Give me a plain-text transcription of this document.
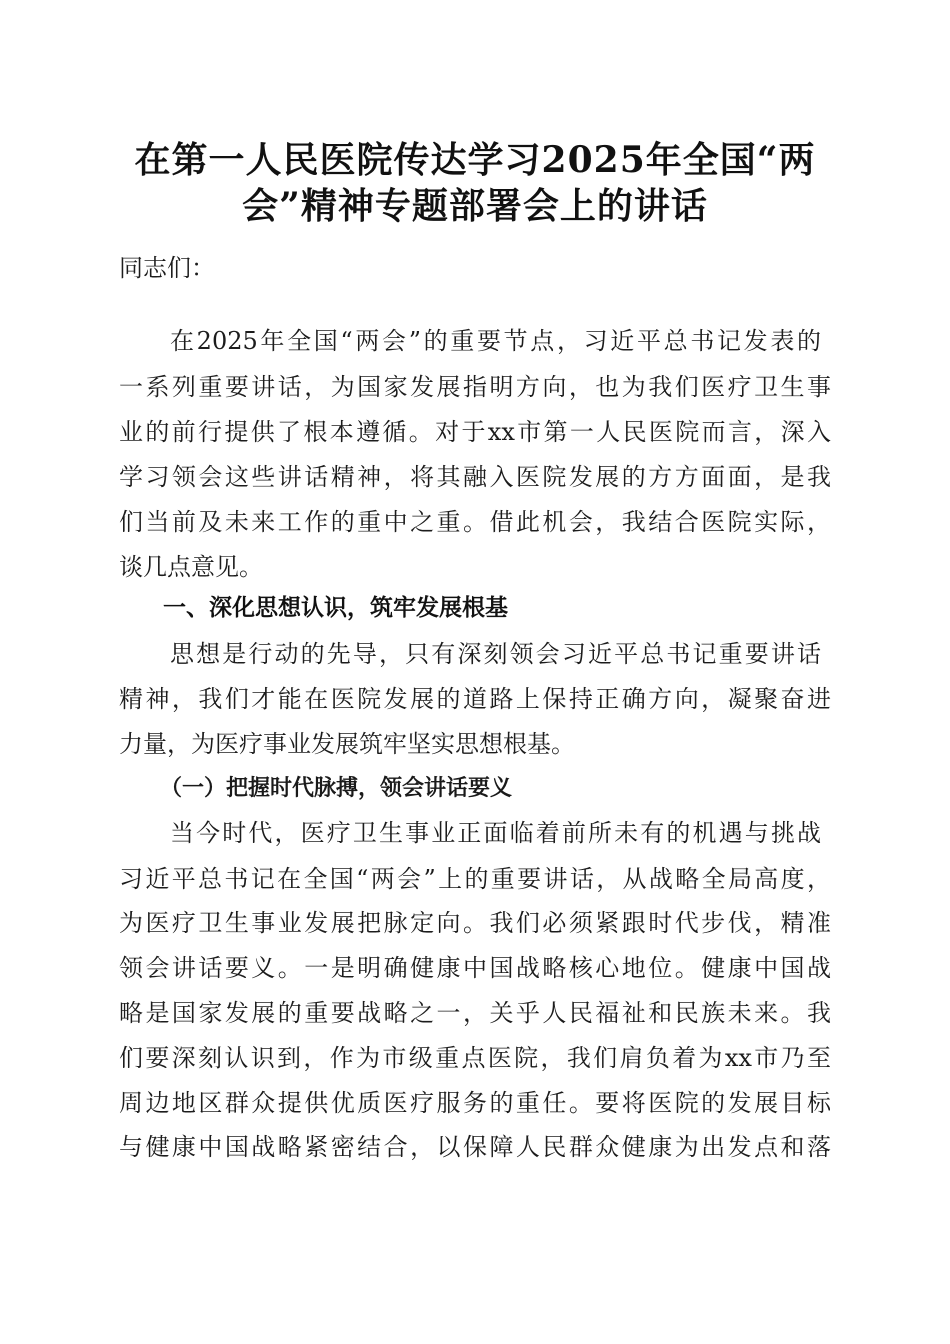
在第一人民医院传达学习2025年全国“两
会”精神专题部署会上的讲话
同志们：
在2025年全国“两会”的重要节点，习近平总书记发表的
一系列重要讲话，为国家发展指明方向，也为我们医疗卫生事
业的前行提供了根本遵循。对于xx市第一人民医院而言，深入
学习领会这些讲话精神，将其融入医院发展的方方面面，是我
们当前及未来工作的重中之重。借此机会，我结合医院实际，
谈几点意见。
一、深化思想认识，筑牢发展根基
思想是行动的先导，只有深刻领会习近平总书记重要讲话
精神，我们才能在医院发展的道路上保持正确方向，凝聚奋进
力量，为医疗事业发展筑牢坚实思想根基。
（一）把握时代脉搏，领会讲话要义
当今时代，医疗卫生事业正面临着前所未有的机遇与挑战
习近平总书记在全国“两会”上的重要讲话，从战略全局高度，
为医疗卫生事业发展把脉定向。我们必须紧跟时代步伐，精准
领会讲话要义。一是明确健康中国战略核心地位。健康中国战
略是国家发展的重要战略之一，关乎人民福祉和民族未来。我
们要深刻认识到，作为市级重点医院，我们肩负着为xx市乃至
周边地区群众提供优质医疗服务的重任。要将医院的发展目标
与健康中国战略紧密结合，以保障人民群众健康为出发点和落
